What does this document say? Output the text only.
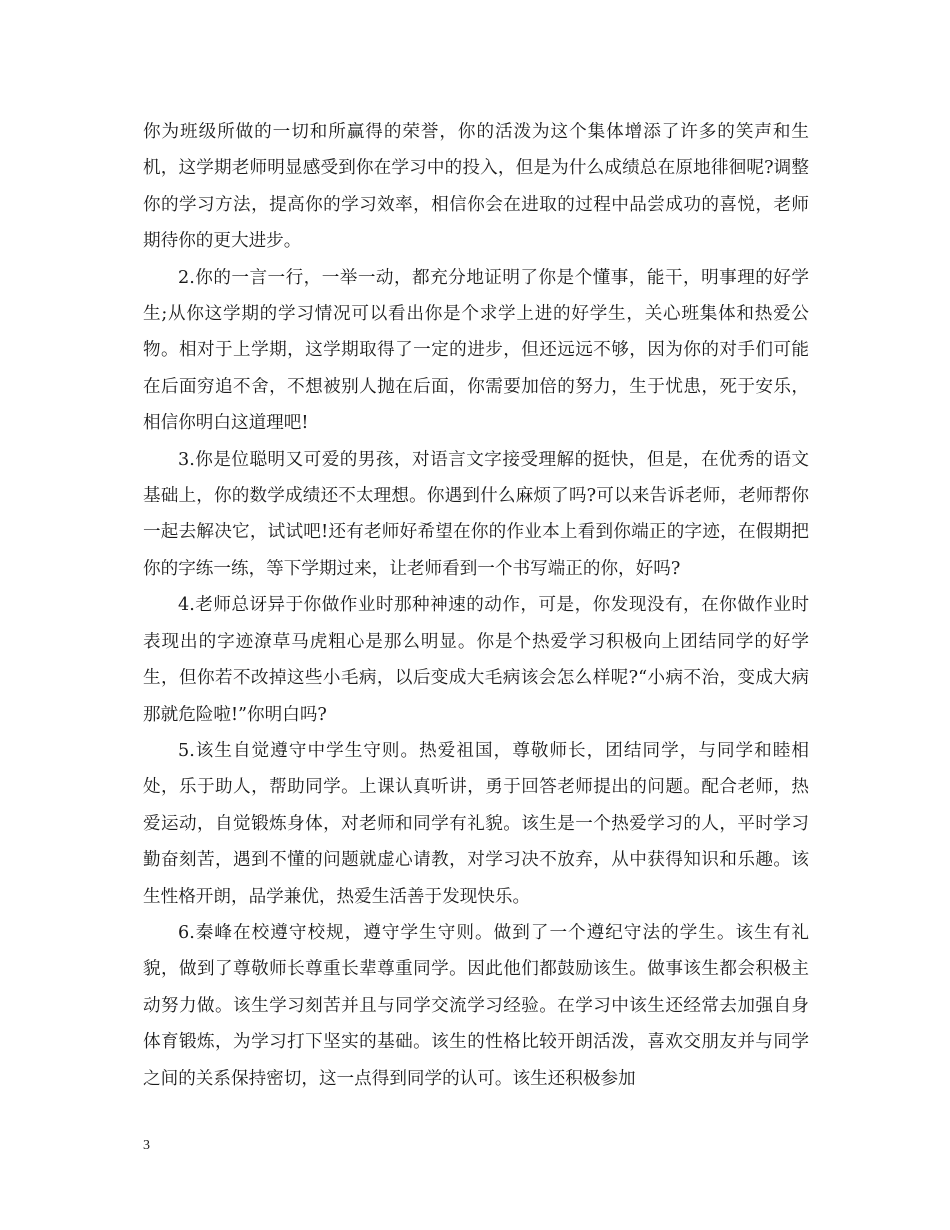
你为班级所做的一切和所赢得的荣誉，你的活泼为这个集体增添了许多的笑声和生机，这学期老师明显感受到你在学习中的投入，但是为什么成绩总在原地徘徊呢?调整你的学习方法，提高你的学习效率，相信你会在进取的过程中品尝成功的喜悦，老师期待你的更大进步。

2.你的一言一行，一举一动，都充分地证明了你是个懂事，能干，明事理的好学生;从你这学期的学习情况可以看出你是个求学上进的好学生，关心班集体和热爱公物。相对于上学期，这学期取得了一定的进步，但还远远不够，因为你的对手们可能在后面穷追不舍，不想被别人抛在后面，你需要加倍的努力，生于忧患，死于安乐，相信你明白这道理吧!

3.你是位聪明又可爱的男孩，对语言文字接受理解的挺快，但是，在优秀的语文基础上，你的数学成绩还不太理想。你遇到什么麻烦了吗?可以来告诉老师，老师帮你一起去解决它，试试吧!还有老师好希望在你的作业本上看到你端正的字迹，在假期把你的字练一练，等下学期过来，让老师看到一个书写端正的你，好吗?

4.老师总讶异于你做作业时那种神速的动作，可是，你发现没有，在你做作业时表现出的字迹潦草马虎粗心是那么明显。你是个热爱学习积极向上团结同学的好学生，但你若不改掉这些小毛病，以后变成大毛病该会怎么样呢?“小病不治，变成大病那就危险啦!”你明白吗?

5.该生自觉遵守中学生守则。热爱祖国，尊敬师长，团结同学，与同学和睦相处，乐于助人，帮助同学。上课认真听讲，勇于回答老师提出的问题。配合老师，热爱运动，自觉锻炼身体，对老师和同学有礼貌。该生是一个热爱学习的人，平时学习勤奋刻苦，遇到不懂的问题就虚心请教，对学习决不放弃，从中获得知识和乐趣。该生性格开朗，品学兼优，热爱生活善于发现快乐。

6.秦峰在校遵守校规，遵守学生守则。做到了一个遵纪守法的学生。该生有礼貌，做到了尊敬师长尊重长辈尊重同学。因此他们都鼓励该生。做事该生都会积极主动努力做。该生学习刻苦并且与同学交流学习经验。在学习中该生还经常去加强自身体育锻炼，为学习打下坚实的基础。该生的性格比较开朗活泼，喜欢交朋友并与同学之间的关系保持密切，这一点得到同学的认可。该生还积极参加

3
